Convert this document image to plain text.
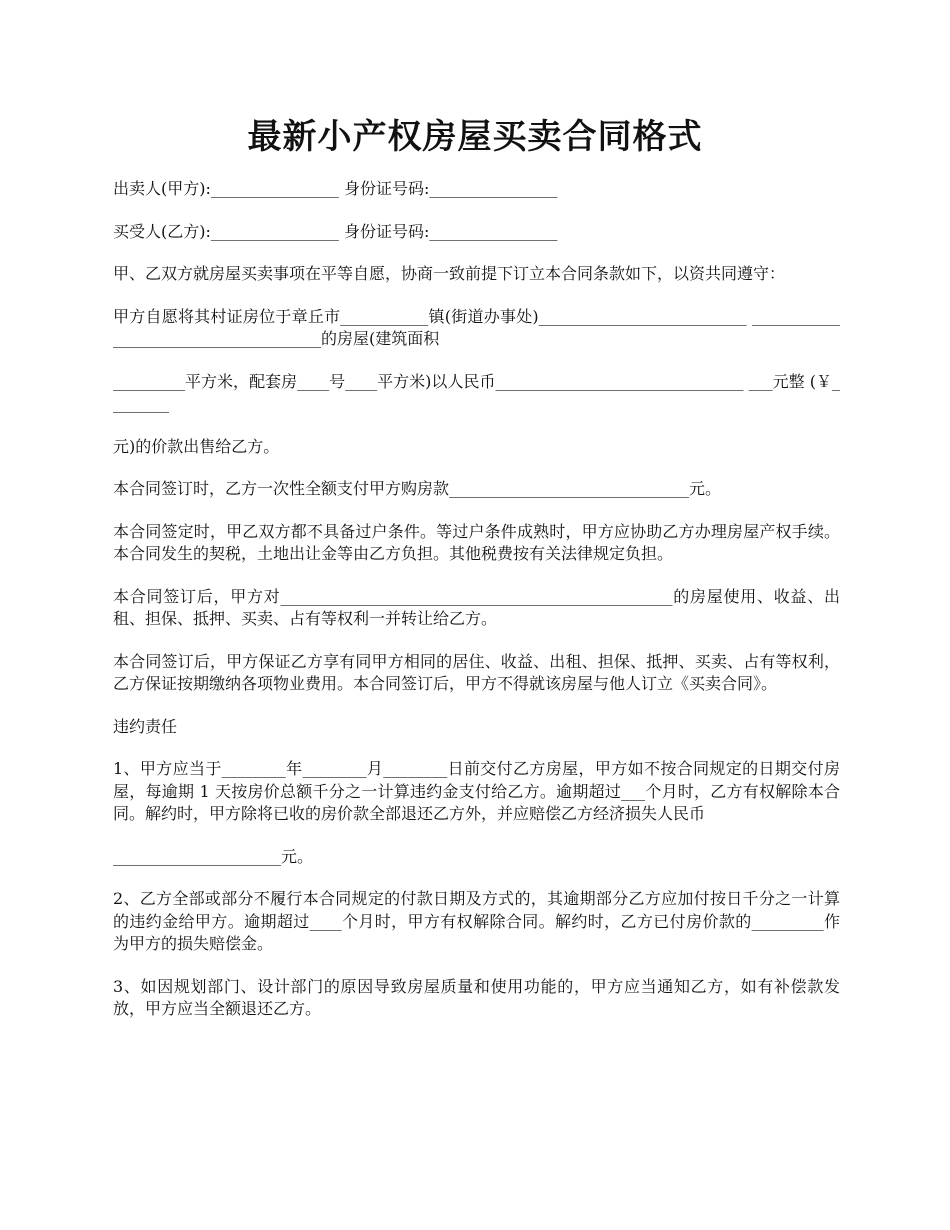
最新小产权房屋买卖合同格式

出卖人(甲方):________________ 身份证号码:________________

买受人(乙方):________________ 身份证号码:________________

甲、乙双方就房屋买卖事项在平等自愿，协商一致前提下订立本合同条款如下，以资共同遵守：

甲方自愿将其村证房位于章丘市___________镇(街道办事处)__________________________ _____________________________________的房屋(建筑面积

_________平方米，配套房____号____平方米)以人民币_______________________________ ___元整 (￥________

元)的价款出售给乙方。

本合同签订时，乙方一次性全额支付甲方购房款______________________________元。

本合同签定时，甲乙双方都不具备过户条件。等过户条件成熟时，甲方应协助乙方办理房屋产权手续。本合同发生的契税，土地出让金等由乙方负担。其他税费按有关法律规定负担。

本合同签订后，甲方对_________________________________________________的房屋使用、收益、出租、担保、抵押、买卖、占有等权利一并转让给乙方。

本合同签订后，甲方保证乙方享有同甲方相同的居住、收益、出租、担保、抵押、买卖、占有等权利，乙方保证按期缴纳各项物业费用。本合同签订后，甲方不得就该房屋与他人订立《买卖合同》。

违约责任

1、甲方应当于________年________月________日前交付乙方房屋，甲方如不按合同规定的日期交付房屋，每逾期 1 天按房价总额千分之一计算违约金支付给乙方。逾期超过___个月时，乙方有权解除本合同。解约时，甲方除将已收的房价款全部退还乙方外，并应赔偿乙方经济损失人民币

_____________________元。

2、乙方全部或部分不履行本合同规定的付款日期及方式的，其逾期部分乙方应加付按日千分之一计算的违约金给甲方。逾期超过____个月时，甲方有权解除合同。解约时，乙方已付房价款的_________作为甲方的损失赔偿金。

3、如因规划部门、设计部门的原因导致房屋质量和使用功能的，甲方应当通知乙方，如有补偿款发放，甲方应当全额退还乙方。
